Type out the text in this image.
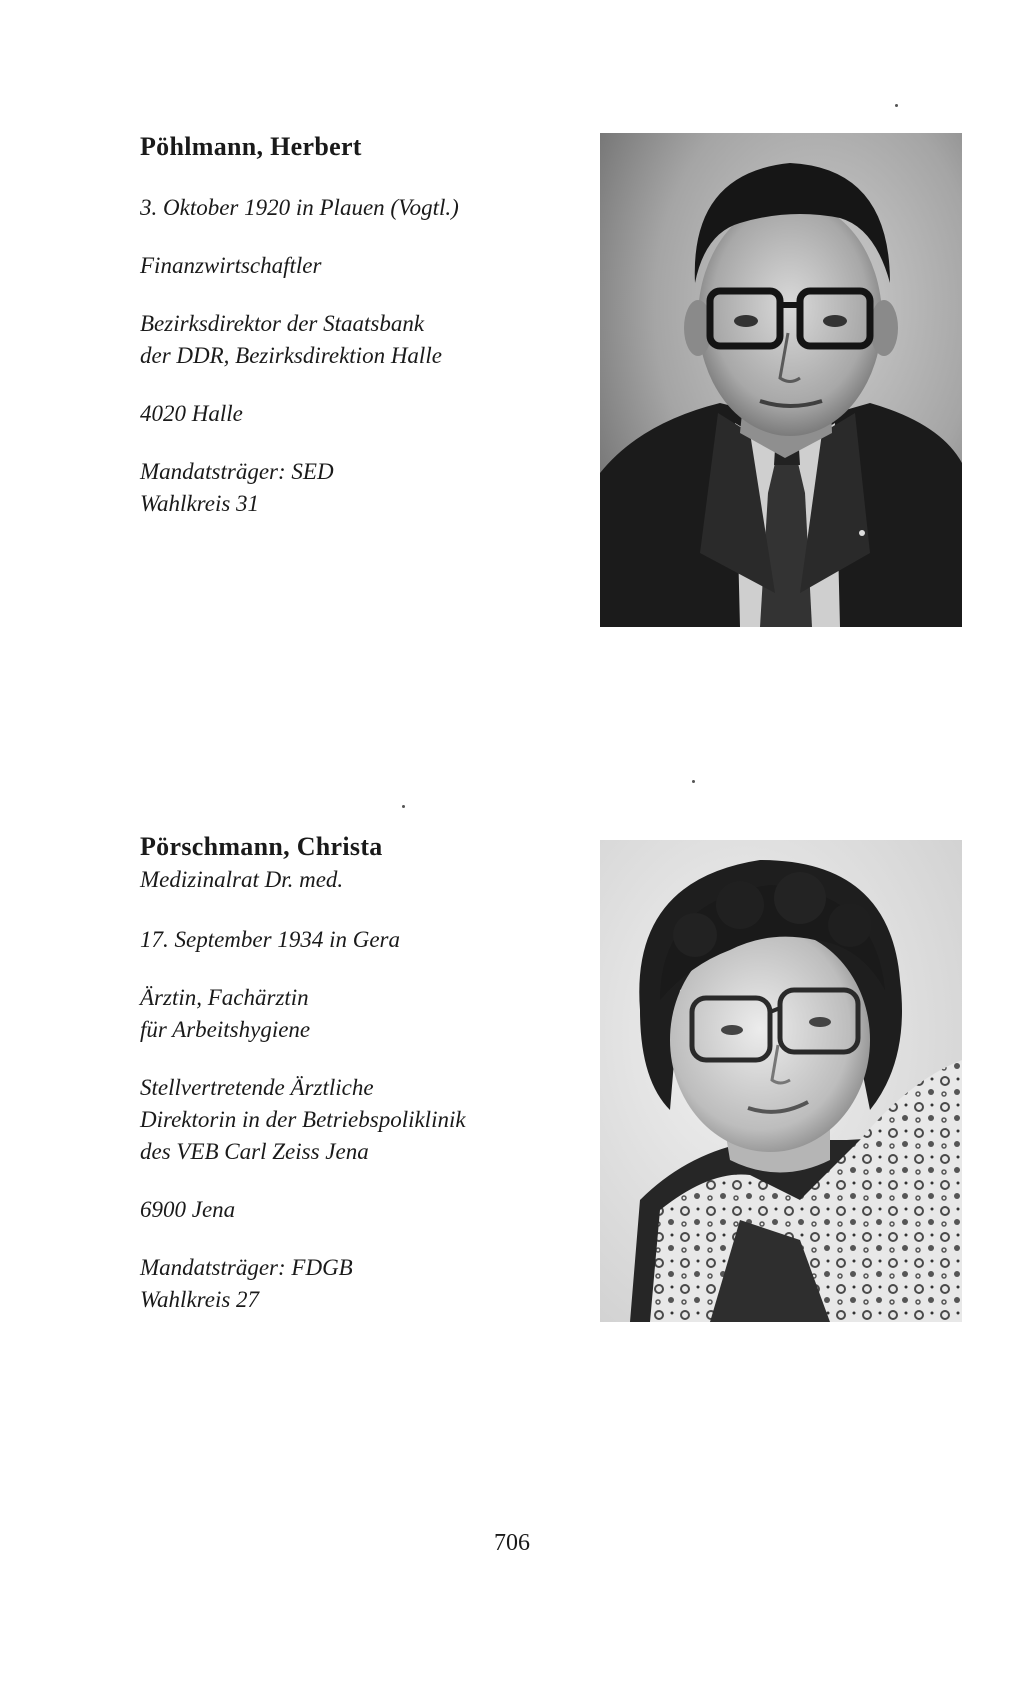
Pöhlmann, Herbert

3. Oktober 1920 in Plauen (Vogtl.)

Finanzwirtschaftler

Bezirksdirektor der Staatsbank

der DDR, Bezirksdirektion Halle

4020 Halle

Mandatsträger: SED

Wahlkreis 31

Pörschmann, Christa

Medizinalrat Dr. med.

17. September 1934 in Gera

Ärztin, Fachärztin

für Arbeitshygiene

Stellvertretende Ärztliche

Direktorin in der Betriebspoliklinik

des VEB Carl Zeiss Jena

6900 Jena

Mandatsträger: FDGB

Wahlkreis 27

706
